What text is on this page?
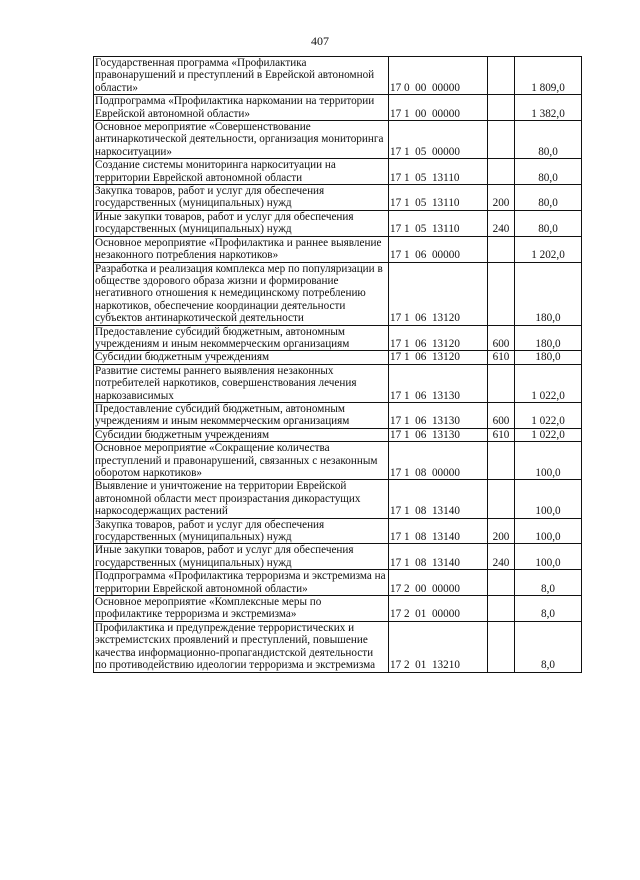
407
Государственная программа «Профилактика правонарушений и преступлений в Еврейской автономной области»	17 0  00  00000		1 809,0
Подпрограмма «Профилактика наркомании на территории Еврейской автономной области»	17 1  00  00000		1 382,0
Основное мероприятие «Совершенствование антинаркотической деятельности, организация мониторинга наркоситуации»	17 1  05  00000		80,0
Создание системы мониторинга наркоситуации на территории Еврейской автономной области	17 1  05  13110		80,0
Закупка товаров, работ и услуг для обеспечения государственных (муниципальных) нужд	17 1  05  13110	200	80,0
Иные закупки товаров, работ и услуг для обеспечения государственных (муниципальных) нужд	17 1  05  13110	240	80,0
Основное мероприятие «Профилактика и раннее выявление незаконного потребления наркотиков»	17 1  06  00000		1 202,0
Разработка и реализация комплекса мер по популяризации в обществе здорового образа жизни и формирование негативного отношения к немедицинскому потреблению наркотиков, обеспечение координации деятельности субъектов антинаркотической деятельности	17 1  06  13120		180,0
Предоставление субсидий бюджетным, автономным учреждениям и иным некоммерческим организациям	17 1  06  13120	600	180,0
Субсидии бюджетным учреждениям	17 1  06  13120	610	180,0
Развитие системы раннего выявления незаконных потребителей наркотиков, совершенствования лечения наркозависимых	17 1  06  13130		1 022,0
Предоставление субсидий бюджетным, автономным учреждениям и иным некоммерческим организациям	17 1  06  13130	600	1 022,0
Субсидии бюджетным учреждениям	17 1  06  13130	610	1 022,0
Основное мероприятие «Сокращение количества преступлений и правонарушений, связанных с незаконным оборотом наркотиков»	17 1  08  00000		100,0
Выявление и уничтожение на территории Еврейской автономной области мест произрастания дикорастущих наркосодержащих растений	17 1  08  13140		100,0
Закупка товаров, работ и услуг для обеспечения государственных (муниципальных) нужд	17 1  08  13140	200	100,0
Иные закупки товаров, работ и услуг для обеспечения государственных (муниципальных) нужд	17 1  08  13140	240	100,0
Подпрограмма «Профилактика терроризма и экстремизма на территории Еврейской автономной области»	17 2  00  00000		8,0
Основное мероприятие «Комплексные меры по профилактике терроризма и экстремизма»	17 2  01  00000		8,0
Профилактика и предупреждение террористических и экстремистских проявлений и преступлений, повышение качества информационно-пропагандистской деятельности по противодействию идеологии терроризма и экстремизма	17 2  01  13210		8,0
